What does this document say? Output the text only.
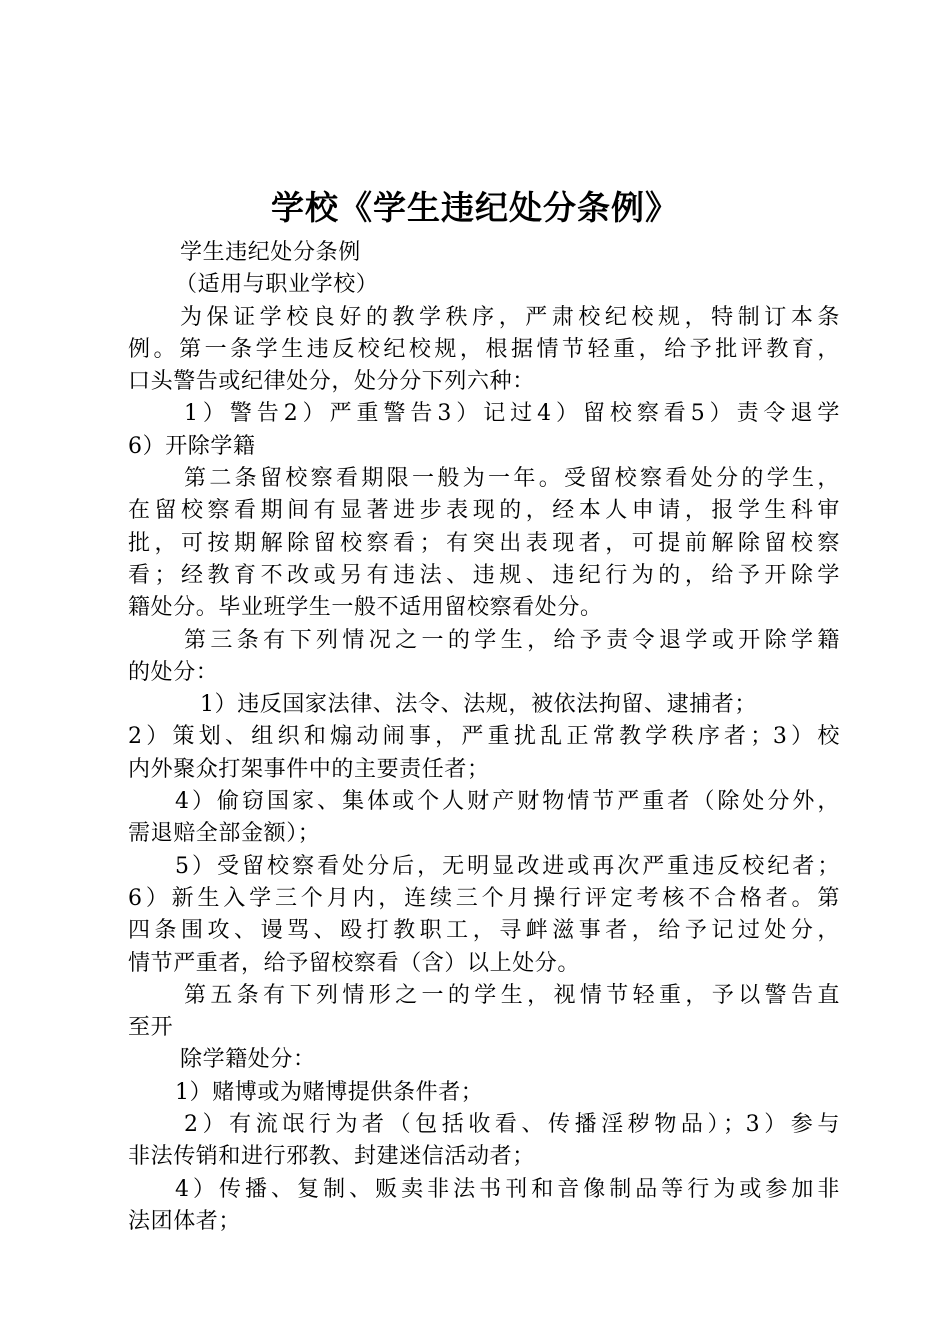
学校《学生违纪处分条例》
学生违纪处分条例
（适用与职业学校）
为保证学校良好的教学秩序，严肃校纪校规，特制订本条
例。第一条学生违反校纪校规，根据情节轻重，给予批评教育，
口头警告或纪律处分，处分分下列六种：
1）警告2）严重警告3）记过4）留校察看5）责令退学
6）开除学籍
第二条留校察看期限一般为一年。受留校察看处分的学生，
在留校察看期间有显著进步表现的，经本人申请，报学生科审
批，可按期解除留校察看；有突出表现者，可提前解除留校察
看；经教育不改或另有违法、违规、违纪行为的，给予开除学
籍处分。毕业班学生一般不适用留校察看处分。
第三条有下列情况之一的学生，给予责令退学或开除学籍
的处分：
1）违反国家法律、法令、法规，被依法拘留、逮捕者；
2）策划、组织和煽动闹事，严重扰乱正常教学秩序者；3）校
内外聚众打架事件中的主要责任者；
4）偷窃国家、集体或个人财产财物情节严重者（除处分外，
需退赔全部金额）；
5）受留校察看处分后，无明显改进或再次严重违反校纪者；
6）新生入学三个月内，连续三个月操行评定考核不合格者。第
四条围攻、谩骂、殴打教职工，寻衅滋事者，给予记过处分，
情节严重者，给予留校察看（含）以上处分。
第五条有下列情形之一的学生，视情节轻重，予以警告直
至开
除学籍处分：
1）赌博或为赌博提供条件者；
2）有流氓行为者（包括收看、传播淫秽物品）；3）参与
非法传销和进行邪教、封建迷信活动者；
4）传播、复制、贩卖非法书刊和音像制品等行为或参加非
法团体者；
